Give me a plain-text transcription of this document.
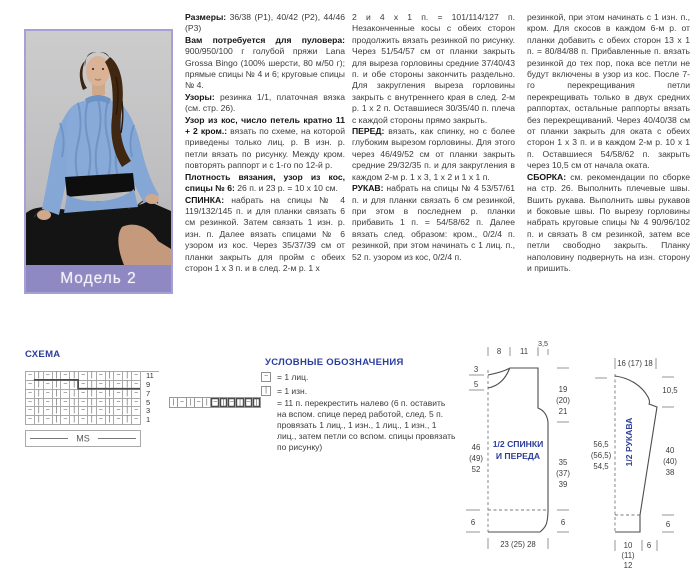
Модель 2

Размеры: 36/38 (Р1), 40/42 (Р2), 44/46 (Р3)

Вам потребуется для пуловера: 900/950/100 г голубой пряжи Lana Grossa Bingo (100% шерсти, 80 м/50 г); прямые спицы № 4 и 6; круговые спицы № 4.

Узоры: резинка 1/1, платочная вязка (см. стр. 26).

Узор из кос, число петель кратно 11 + 2 кром.: вязать по схеме, на которой приведены только лиц. р. В изн. р. петли вязать по рисунку. Между кром. повторять раппорт и с 1-го по 12-й р.

Плотность вязания, узор из кос, спицы № 6: 26 п. и 23 р. = 10 х 10 см.

СПИНКА: набрать на спицы № 4 119/132/145 п. и для планки связать 6 см резинкой. Затем связать 1 изн. р. изн. п. Далее вязать спицами № 6 узором из кос. Через 35/37/39 см от планки закрыть для пройм с обеих сторон 1 х 3 п. и в след. 2-м р. 1 х

2 и 4 х 1 п. = 101/114/127 п. Незаконченные косы с обеих сторон продолжить вязать резинкой по рисунку. Через 51/54/57 см от планки закрыть для выреза горловины средние 37/40/43 п. и обе стороны закончить раздельно. Для закругления выреза горловины закрыть с внутреннего края в след. 2-м р. 1 х 2 п. Оставшиеся 30/35/40 п. плеча с каждой стороны прямо закрыть.

ПЕРЕД: вязать, как спинку, но с более глубоким вырезом горловины. Для этого через 46/49/52 см от планки закрыть средние 29/32/35 п. и для закругления в каждом 2-м р. 1 х 3, 1 х 2 и 1 х 1 п.

РУКАВ: набрать на спицы № 4 53/57/61 п. и для планки связать 6 см резинкой, при этом в последнем р. планки прибавить 1 п. = 54/58/62 п. Далее вязать след. образом: кром., 0/2/4 п. резинкой, при этом начинать с 1 лиц. п., 52 п. узором из кос, 0/2/4 п.

резинкой, при этом начинать с 1 изн. п., кром. Для скосов в каждом 6-м р. от планки добавить с обеих сторон 13 х 1 п. = 80/84/88 п. Прибавленные п. вязать резинкой до тех пор, пока все петли не будут включены в узор из кос. После 7-го перекрещивания петли перекрещивать только в двух средних раппортах, остальные раппорты вязать без перекрещиваний. Через 40/40/38 см от планки закрыть для оката с обеих сторон 1 х 3 п. и в каждом 2-м р. 10 х 1 п. Оставшиеся 54/58/62 п. закрыть через 10,5 см от начала оката.

СБОРКА: см. рекомендации по сборке на стр. 26. Выполнить плечевые швы. Вшить рукава. Выполнить швы рукавов и боковые швы. По вырезу горловины набрать круговые спицы № 4 90/96/102 п. и связать 8 см резинкой, затем все петли свободно закрыть. Планку наполовину подвернуть на изн. сторону и пришить.

СХЕМА
− | − | − | − | − | − | −	11
− | − | − | − | − | − | −	9
− | − | − | − | − | − | −	7
− | − | − | − | − | − | −	5
− | − | − | − | − | − | −	3
− | − | − | − | − | − | −	1
MS
УСЛОВНЫЕ ОБОЗНАЧЕНИЯ
−	= 1 лиц.
|	= 1 изн.
| − | − | − | − | − |	= 11 п. перекрестить налево (6 п. оставить на вспом. спице перед работой, след. 5 п. провязать 1 лиц., 1 изн., 1 лиц., 1 изн., 1 лиц., затем петли со вспом. спицы провязать по рисунку)
8 11
3,5
3
5
46
(49)
52
6
19
(20)
21
35
(37)
39
6
23 (25) 28
1/2 СПИНКИ
И ПЕРЕДА
16 (17) 18
10,5
40
(40)
38
6
56,5
(56,5)
54,5
10
(11)
12
6
1/2 РУКАВА
